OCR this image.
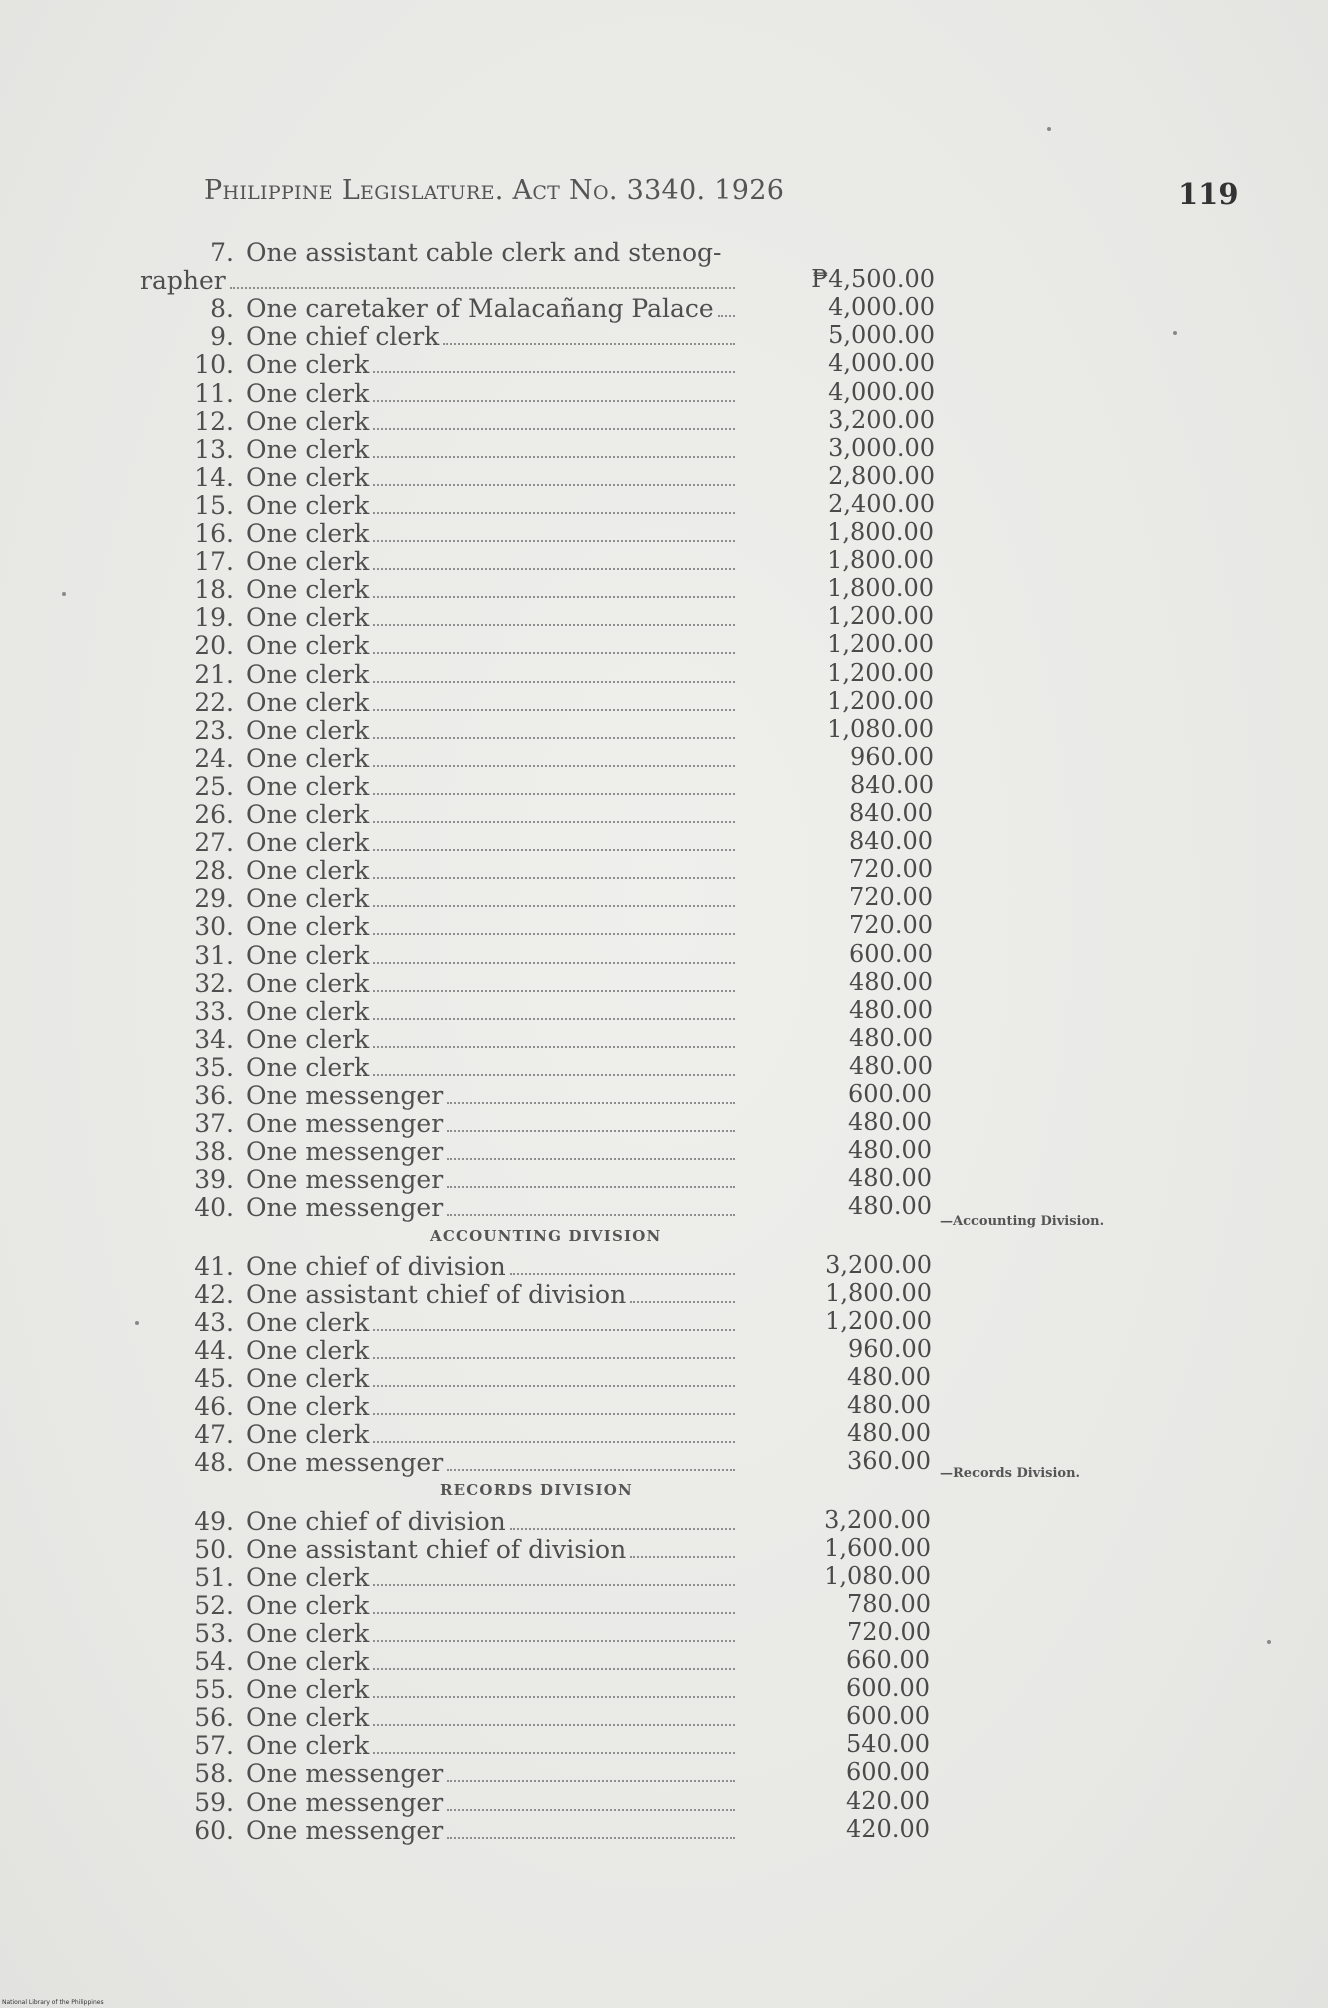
Philippine Legislature. Act No. 3340. 1926	119
7. One assistant cable clerk and stenog-
rapher	₱4,500.00
8. One caretaker of Malacañang Palace	4,000.00
9. One chief clerk	5,000.00
10. One clerk	4,000.00
11. One clerk	4,000.00
12. One clerk	3,200.00
13. One clerk	3,000.00
14. One clerk	2,800.00
15. One clerk	2,400.00
16. One clerk	1,800.00
17. One clerk	1,800.00
18. One clerk	1,800.00
19. One clerk	1,200.00
20. One clerk	1,200.00
21. One clerk	1,200.00
22. One clerk	1,200.00
23. One clerk	1,080.00
24. One clerk	960.00
25. One clerk	840.00
26. One clerk	840.00
27. One clerk	840.00
28. One clerk	720.00
29. One clerk	720.00
30. One clerk	720.00
31. One clerk	600.00
32. One clerk	480.00
33. One clerk	480.00
34. One clerk	480.00
35. One clerk	480.00
36. One messenger	600.00
37. One messenger	480.00
38. One messenger	480.00
39. One messenger	480.00
40. One messenger	480.00
ACCOUNTING DIVISION
—Accounting Division.
41. One chief of division	3,200.00
42. One assistant chief of division	1,800.00
43. One clerk	1,200.00
44. One clerk	960.00
45. One clerk	480.00
46. One clerk	480.00
47. One clerk	480.00
48. One messenger	360.00
RECORDS DIVISION
—Records Division.
49. One chief of division	3,200.00
50. One assistant chief of division	1,600.00
51. One clerk	1,080.00
52. One clerk	780.00
53. One clerk	720.00
54. One clerk	660.00
55. One clerk	600.00
56. One clerk	600.00
57. One clerk	540.00
58. One messenger	600.00
59. One messenger	420.00
60. One messenger	420.00
National Library of the Philippines
